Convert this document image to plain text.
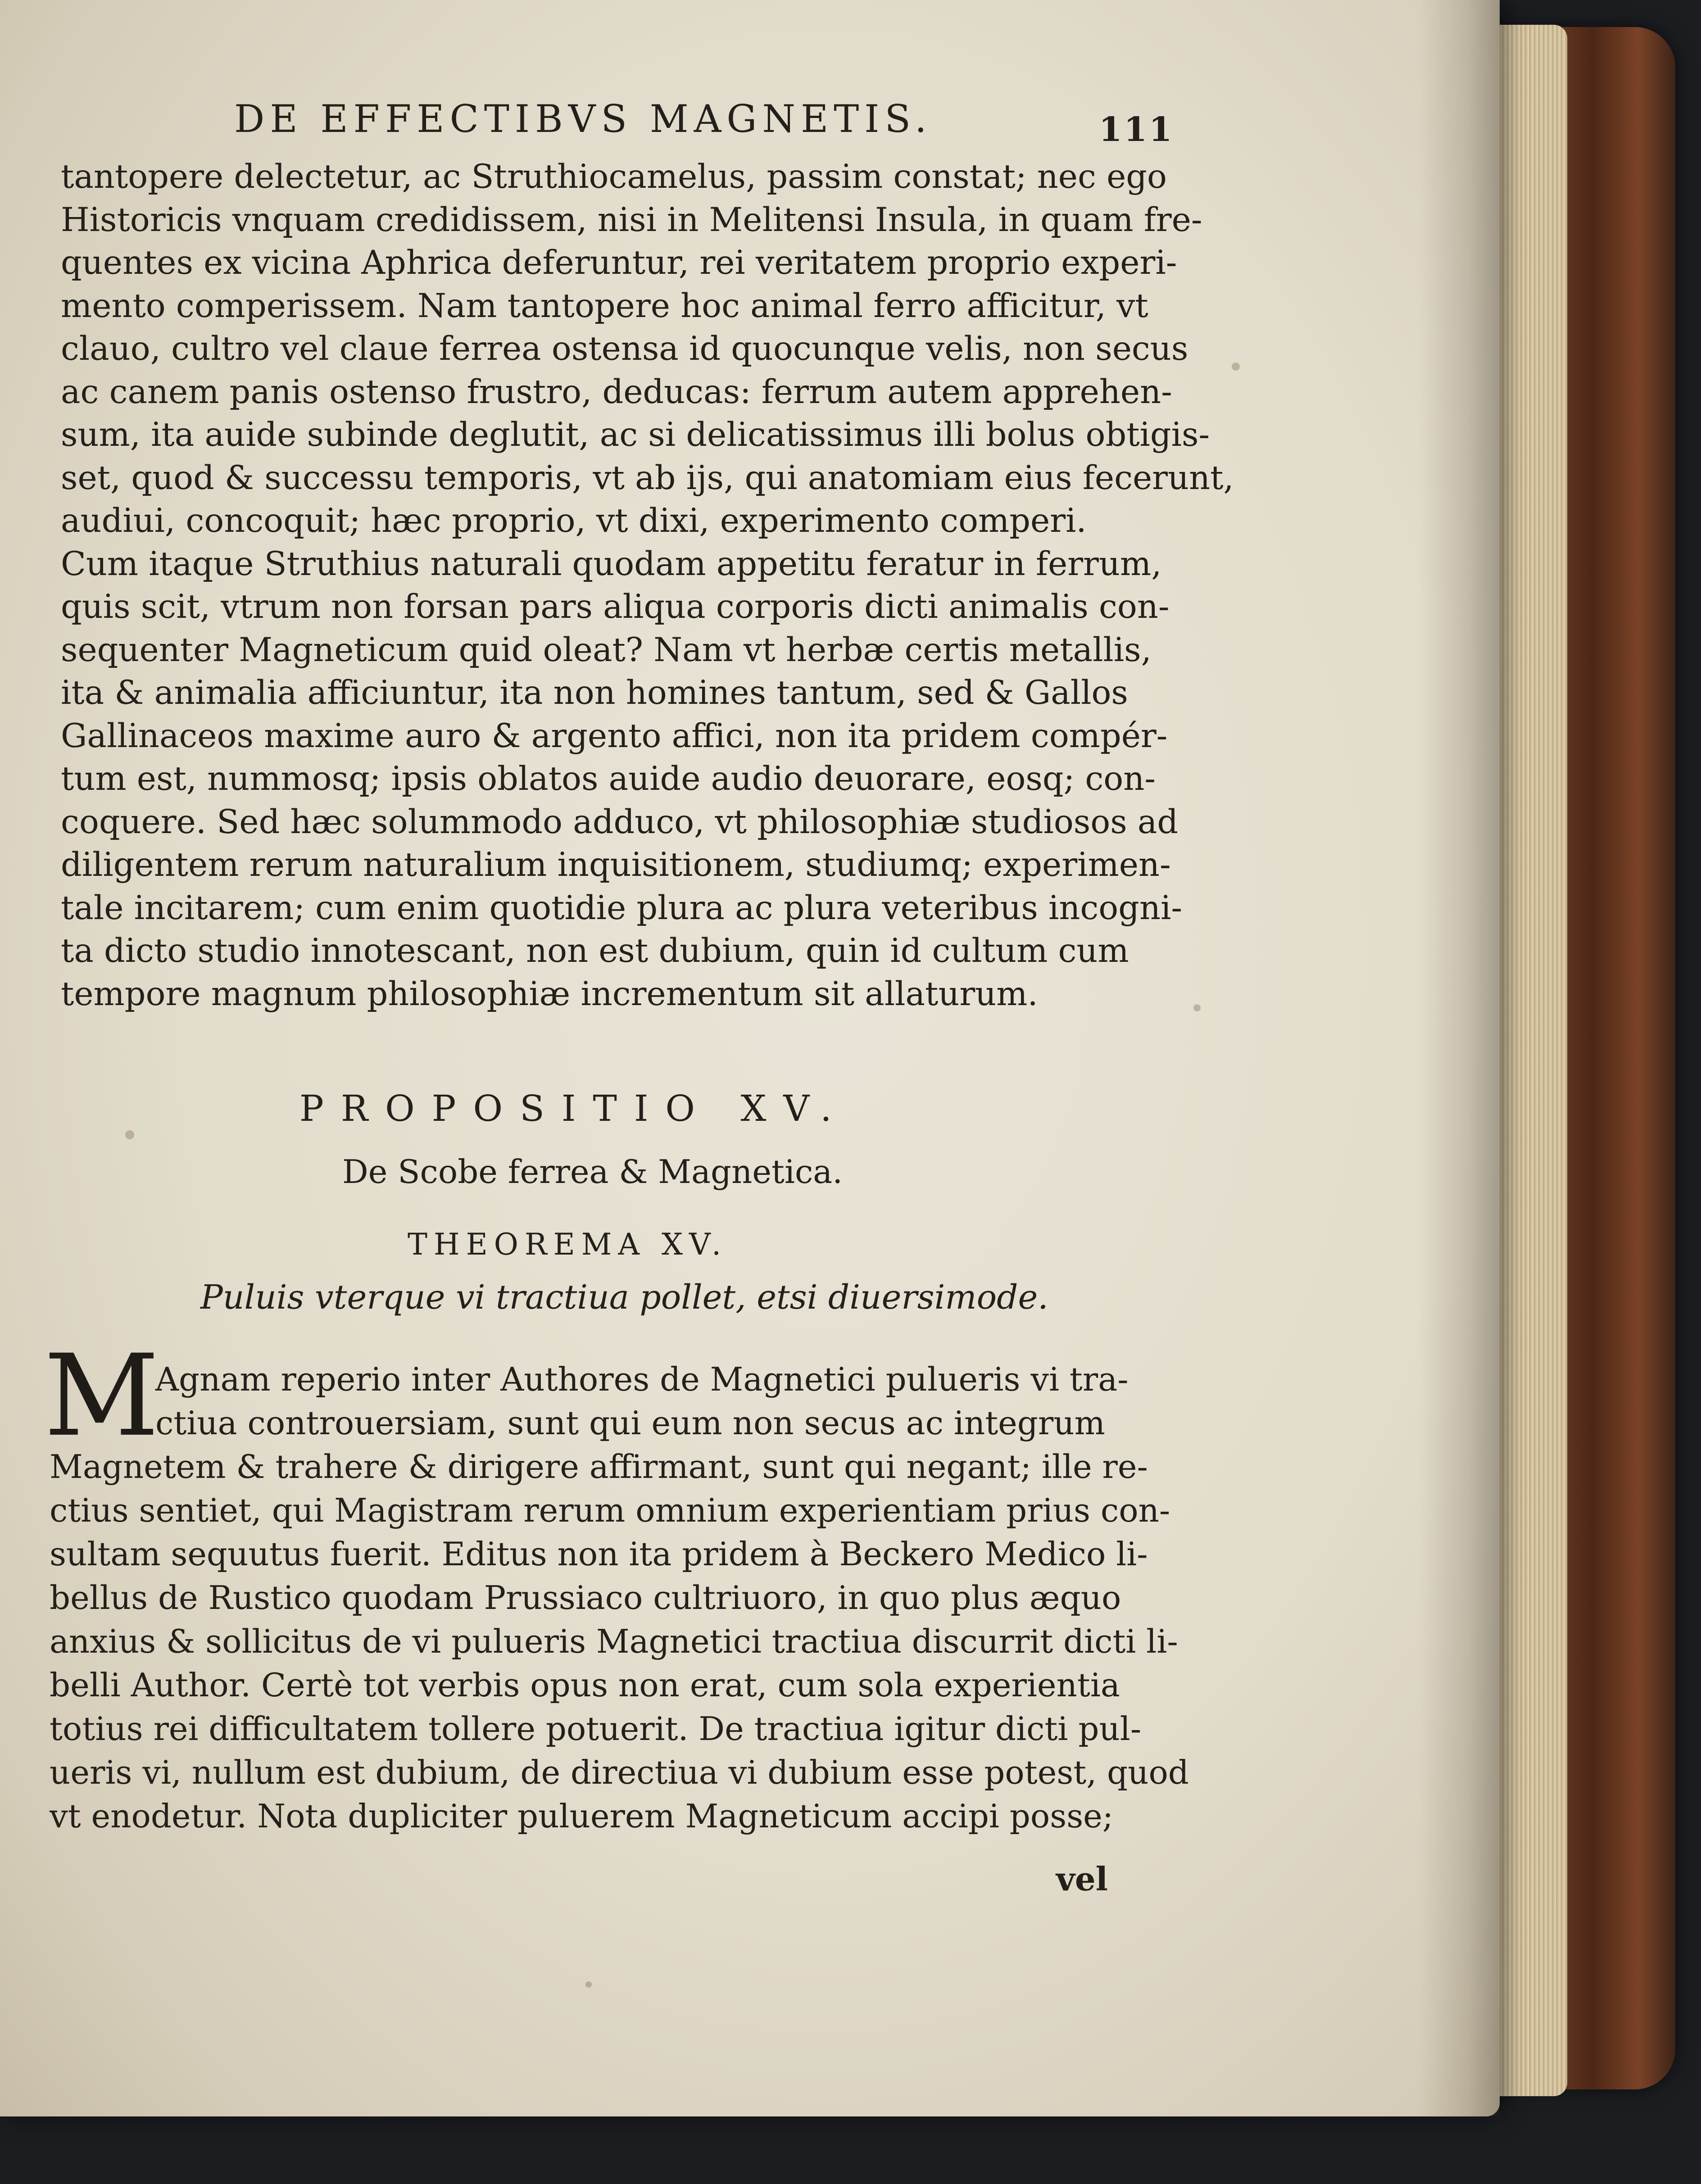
DE EFFECTIBVS MAGNETIS.	111
tantopere delectetur, ac Struthiocamelus, passim constat; nec ego
Historicis vnquam credidissem, nisi in Melitensi Insula, in quam fre-
quentes ex vicina Aphrica deferuntur, rei veritatem proprio experi-
mento comperissem. Nam tantopere hoc animal ferro afficitur, vt
clauo, cultro vel claue ferrea ostensa id quocunque velis, non secus
ac canem panis ostenso frustro, deducas: ferrum autem apprehen-
sum, ita auide subinde deglutit, ac si delicatissimus illi bolus obtigis-
set, quod & successu temporis, vt ab ijs, qui anatomiam eius fecerunt,
audiui, concoquit; hæc proprio, vt dixi, experimento comperi.
Cum itaque Struthius naturali quodam appetitu feratur in ferrum,
quis scit, vtrum non forsan pars aliqua corporis dicti animalis con-
sequenter Magneticum quid oleat? Nam vt herbæ certis metallis,
ita & animalia afficiuntur, ita non homines tantum, sed & Gallos
Gallinaceos maxime auro & argento affici, non ita pridem compér-
tum est, nummosq; ipsis oblatos auide audio deuorare, eosq; con-
coquere. Sed hæc solummodo adduco, vt philosophiæ studiosos ad
diligentem rerum naturalium inquisitionem, studiumq; experimen-
tale incitarem; cum enim quotidie plura ac plura veteribus incogni-
ta dicto studio innotescant, non est dubium, quin id cultum cum
tempore magnum philosophiæ incrementum sit allaturum.
PROPOSITIO XV.
De Scobe ferrea & Magnetica.
THEOREMA XV.
Puluis vterque vi tractiua pollet, etsi diuersimode.
M
Agnam reperio inter Authores de Magnetici pulueris vi tra-
ctiua controuersiam, sunt qui eum non secus ac integrum
Magnetem & trahere & dirigere affirmant, sunt qui negant; ille re-
ctius sentiet, qui Magistram rerum omnium experientiam prius con-
sultam sequutus fuerit. Editus non ita pridem à Beckero Medico li-
bellus de Rustico quodam Prussiaco cultriuoro, in quo plus æquo
anxius & sollicitus de vi pulueris Magnetici tractiua discurrit dicti li-
belli Author. Certè tot verbis opus non erat, cum sola experientia
totius rei difficultatem tollere potuerit. De tractiua igitur dicti pul-
ueris vi, nullum est dubium, de directiua vi dubium esse potest, quod
vt enodetur. Nota dupliciter puluerem Magneticum accipi posse;
vel
